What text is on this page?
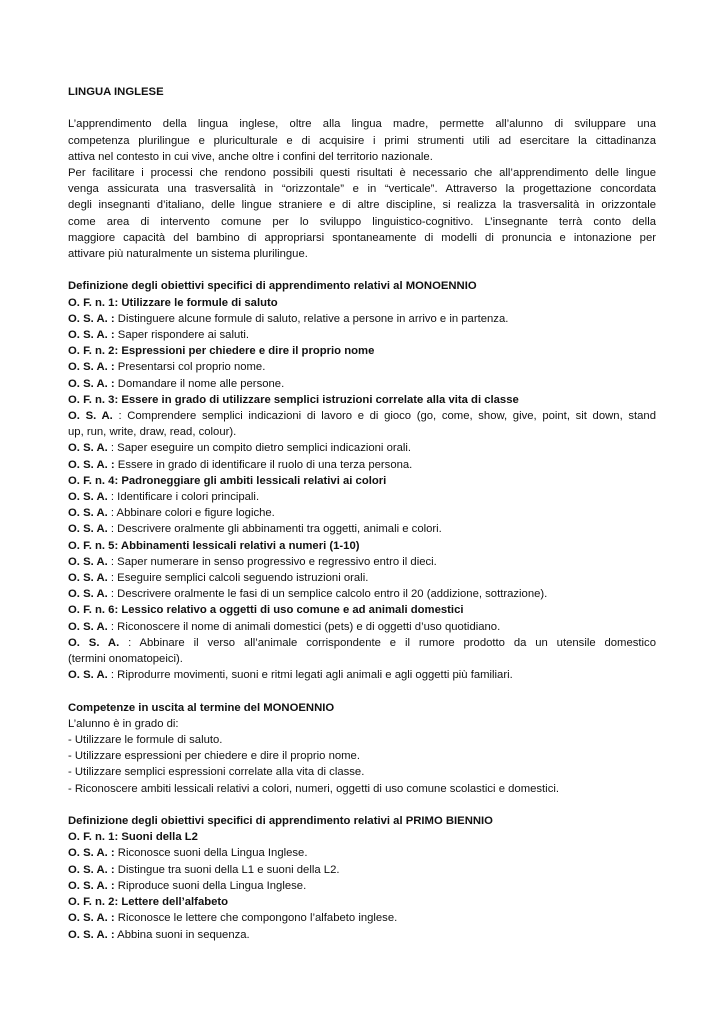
LINGUA INGLESE
L’apprendimento della lingua inglese, oltre alla lingua madre, permette all’alunno di sviluppare una
competenza plurilingue e pluriculturale e di acquisire i primi strumenti utili ad esercitare la cittadinanza
attiva nel contesto in cui vive, anche oltre i confini del territorio nazionale.
Per facilitare i processi che rendono possibili questi risultati è necessario che all’apprendimento delle lingue
venga assicurata una trasversalità in “orizzontale” e in “verticale”. Attraverso la progettazione concordata
degli insegnanti d’italiano, delle lingue straniere e di altre discipline, si realizza la trasversalità in orizzontale
come area di intervento comune per lo sviluppo linguistico-cognitivo. L’insegnante terrà conto della
maggiore capacità del bambino di appropriarsi spontaneamente di modelli di pronuncia e intonazione per
attivare più naturalmente un sistema plurilingue.
Definizione degli obiettivi specifici di apprendimento relativi al MONOENNIO
O. F. n. 1: Utilizzare le formule di saluto
O. S. A. : Distinguere alcune formule di saluto, relative a persone in arrivo e in partenza.
O. S. A. : Saper rispondere ai saluti.
O. F. n. 2: Espressioni per chiedere e dire il proprio nome
O. S. A. : Presentarsi col proprio nome.
O. S. A. : Domandare il nome alle persone.
O. F. n. 3: Essere in grado di utilizzare semplici istruzioni correlate alla vita di classe
O. S. A. : Comprendere semplici indicazioni di lavoro e di gioco (go, come, show, give, point, sit down, stand
up, run, write, draw, read, colour).
O. S. A. : Saper eseguire un compito dietro semplici indicazioni orali.
O. S. A. : Essere in grado di identificare il ruolo di una terza persona.
O. F. n. 4: Padroneggiare gli ambiti lessicali relativi ai colori
O. S. A. : Identificare i colori principali.
O. S. A. : Abbinare colori e figure logiche.
O. S. A. : Descrivere oralmente gli abbinamenti tra oggetti, animali e colori.
O. F. n. 5: Abbinamenti lessicali relativi a numeri (1-10)
O. S. A. : Saper numerare in senso progressivo e regressivo entro il dieci.
O. S. A. : Eseguire semplici calcoli seguendo istruzioni orali.
O. S. A. : Descrivere oralmente le fasi di un semplice calcolo entro il 20 (addizione, sottrazione).
O. F. n. 6: Lessico relativo a oggetti di uso comune e ad animali domestici
O. S. A. : Riconoscere il nome di animali domestici (pets) e di oggetti d’uso quotidiano.
O. S. A. : Abbinare il verso all’animale corrispondente e il rumore prodotto da un utensile domestico
(termini onomatopeici).
O. S. A. : Riprodurre movimenti, suoni e ritmi legati agli animali e agli oggetti più familiari.
Competenze in uscita al termine del MONOENNIO
L’alunno è in grado di:
- Utilizzare le formule di saluto.
- Utilizzare espressioni per chiedere e dire il proprio nome.
- Utilizzare semplici espressioni correlate alla vita di classe.
- Riconoscere ambiti lessicali relativi a colori, numeri, oggetti di uso comune scolastici e domestici.
Definizione degli obiettivi specifici di apprendimento relativi al PRIMO BIENNIO
O. F. n. 1: Suoni della L2
O. S. A. : Riconosce suoni della Lingua Inglese.
O. S. A. : Distingue tra suoni della L1 e suoni della L2.
O. S. A. : Riproduce suoni della Lingua Inglese.
O. F. n. 2: Lettere dell’alfabeto
O. S. A. : Riconosce le lettere che compongono l’alfabeto inglese.
O. S. A. : Abbina suoni in sequenza.
